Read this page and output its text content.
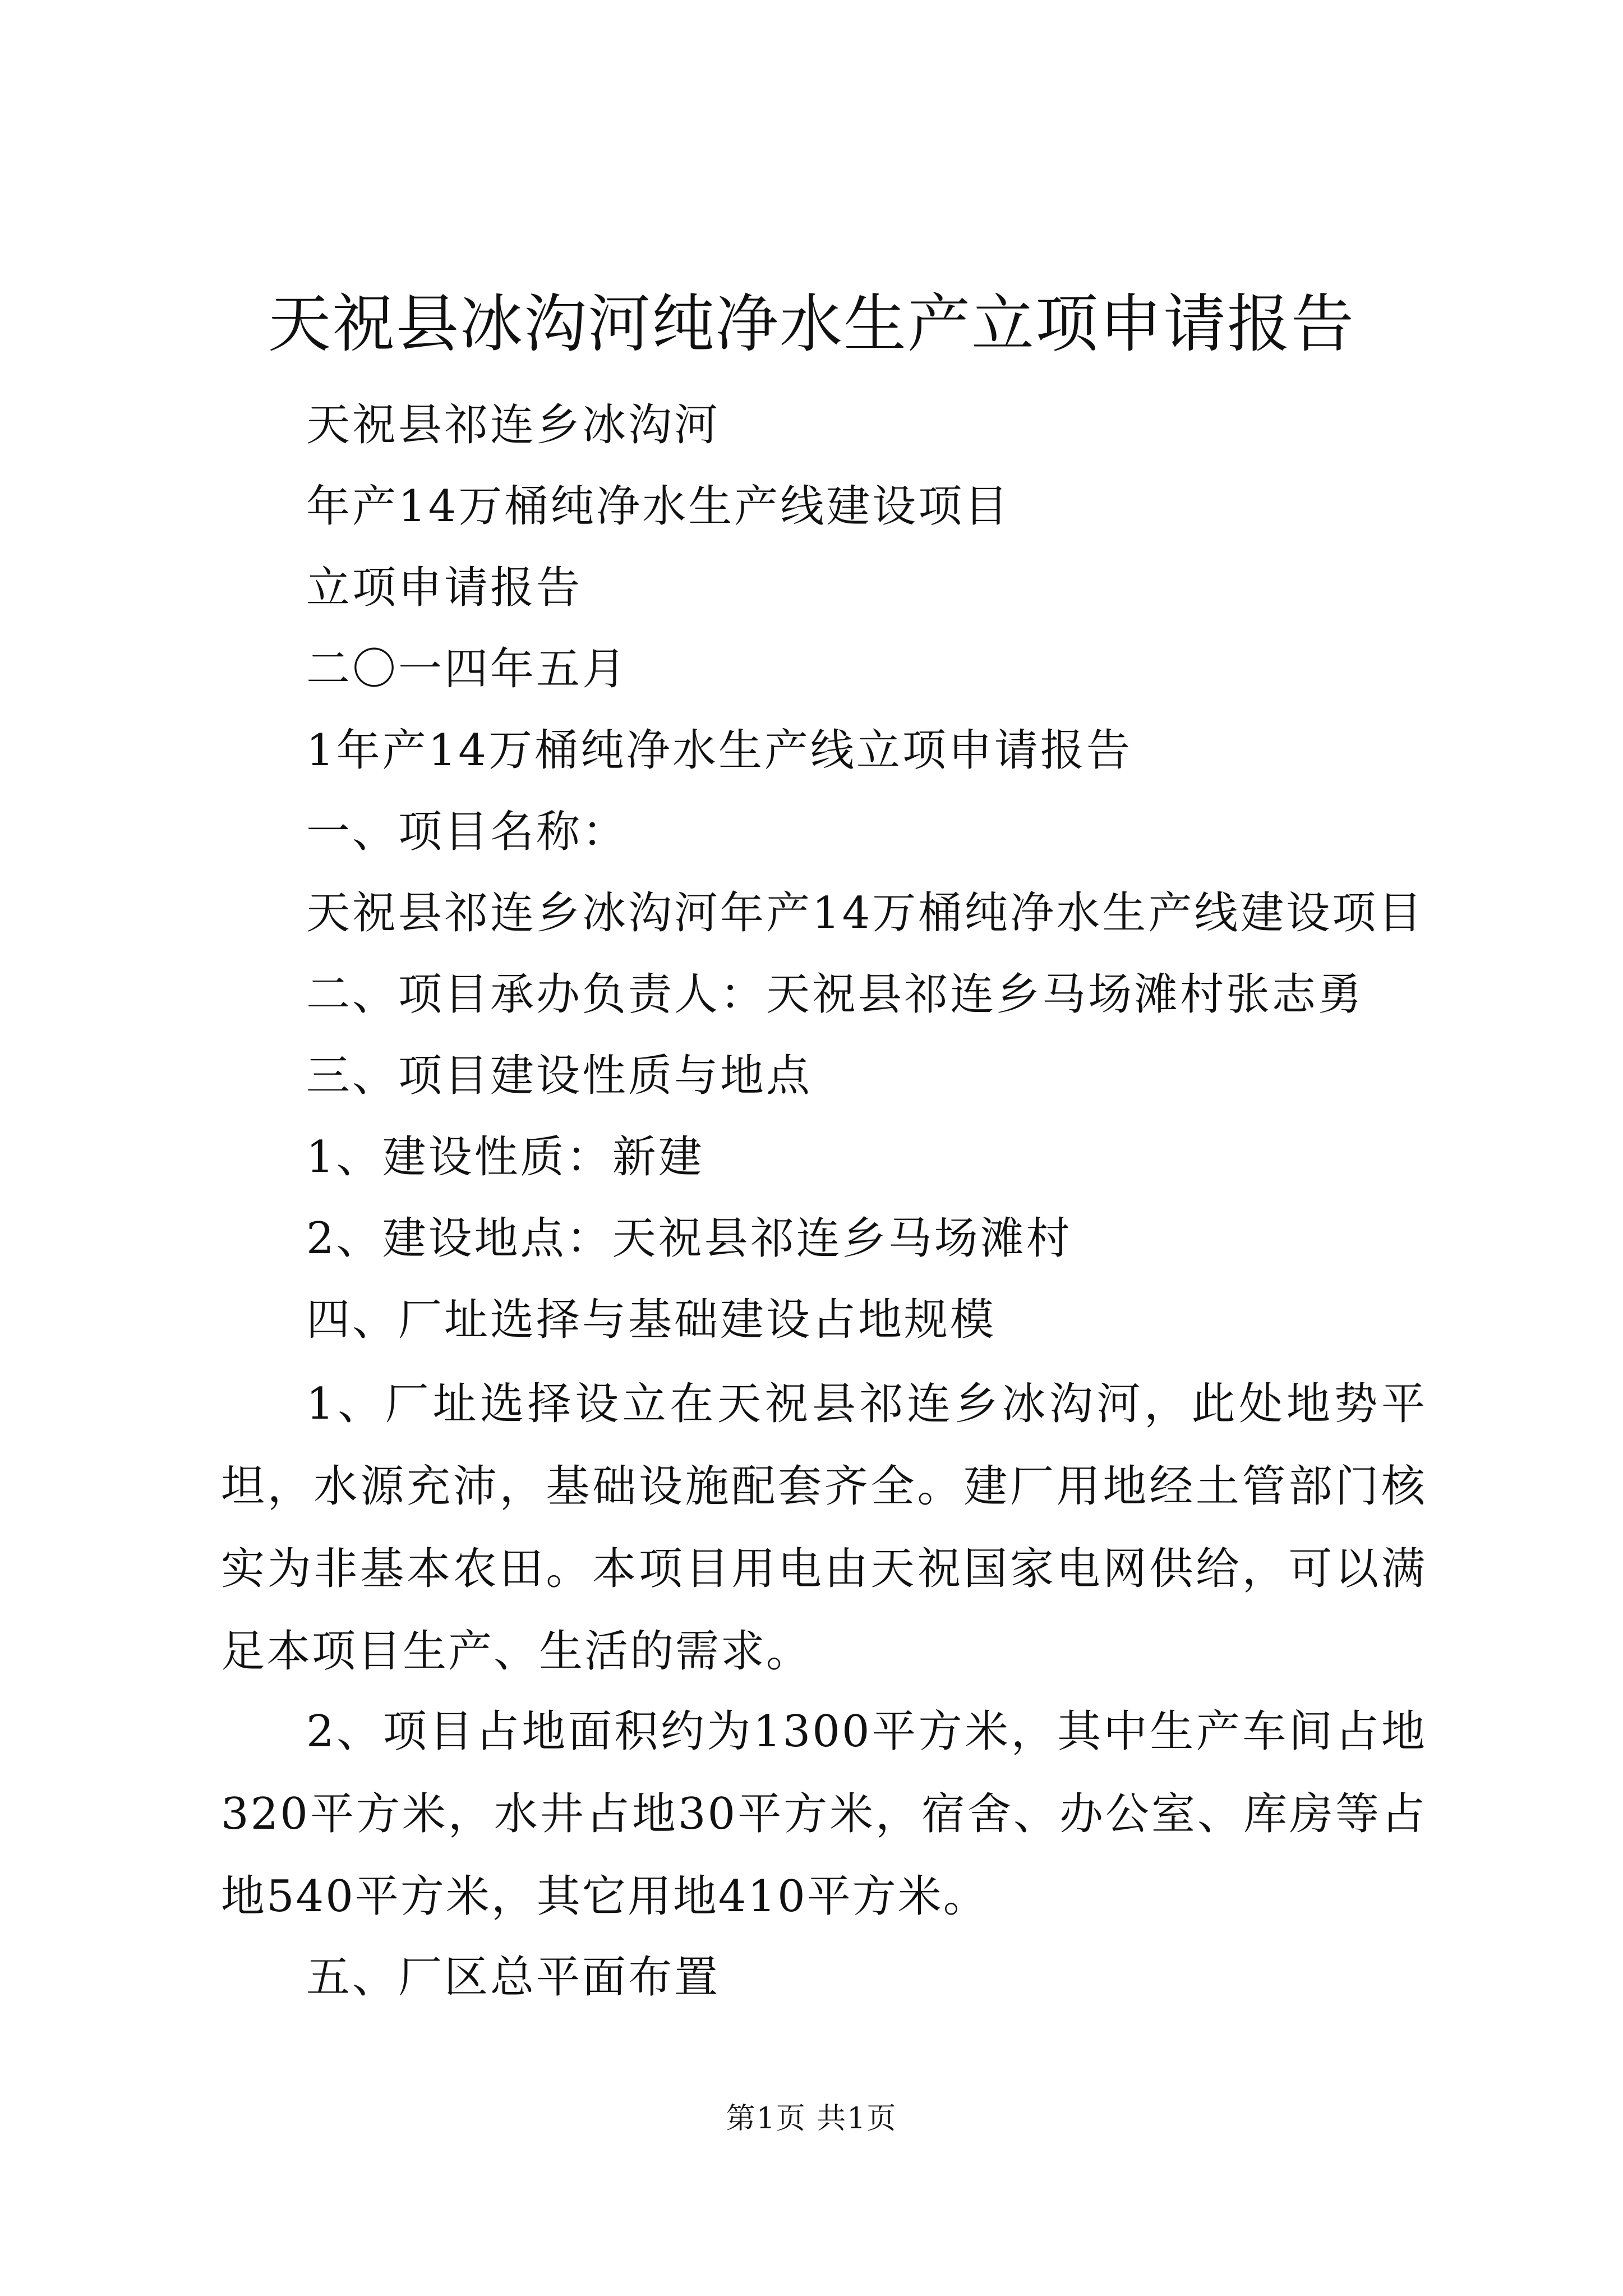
天祝县冰沟河纯净水生产立项申请报告

天祝县祁连乡冰沟河

年产14万桶纯净水生产线建设项目

立项申请报告

二〇一四年五月

1年产14万桶纯净水生产线立项申请报告

一、项目名称：

天祝县祁连乡冰沟河年产14万桶纯净水生产线建设项目

二、项目承办负责人：天祝县祁连乡马场滩村张志勇

三、项目建设性质与地点

1、建设性质：新建

2、建设地点：天祝县祁连乡马场滩村

四、厂址选择与基础建设占地规模

1、厂址选择设立在天祝县祁连乡冰沟河，此处地势平坦，水源充沛，基础设施配套齐全。建厂用地经土管部门核实为非基本农田。本项目用电由天祝国家电网供给，可以满足本项目生产、生活的需求。

2、项目占地面积约为1300平方米，其中生产车间占地320平方米，水井占地30平方米，宿舍、办公室、库房等占地540平方米，其它用地410平方米。

五、厂区总平面布置

第1页 共1页
